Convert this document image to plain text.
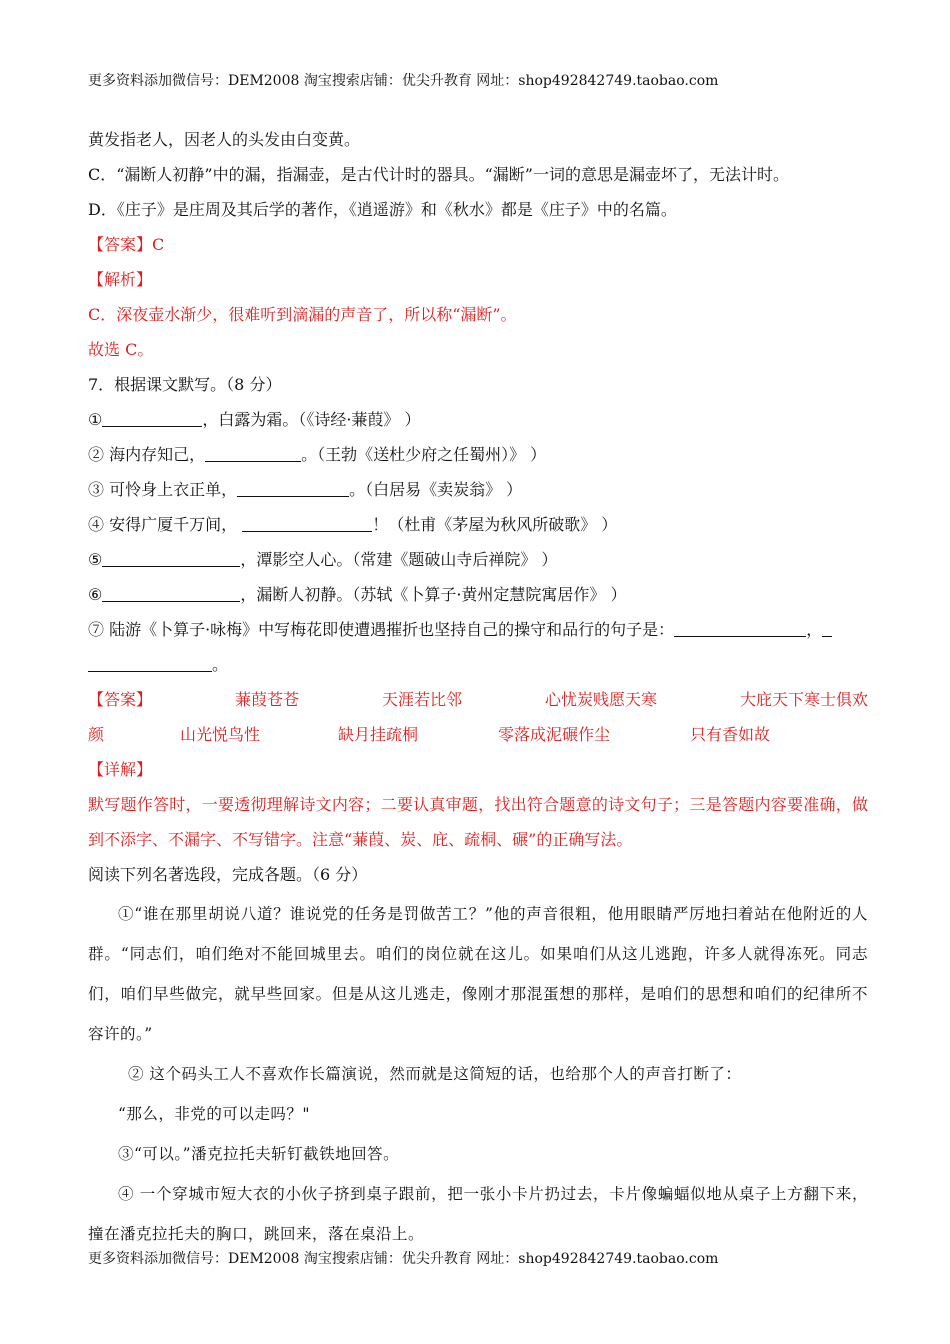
更多资料添加微信号：DEM2008 淘宝搜索店铺：优尖升教育 网址：shop492842749.taobao.com
黄发指老人，因老人的头发由白变黄。
C．“漏断人初静”中的漏，指漏壶，是古代计时的器具。“漏断”一词的意思是漏壶坏了，无法计时。
D．《庄子》是庄周及其后学的著作，《逍遥游》和《秋水》都是《庄子》中的名篇。
【答案】C
【解析】
C．深夜壶水渐少，很难听到滴漏的声音了，所以称“漏断”。
故选 C。
7．根据课文默写。（8 分）
①	，白露为霜。（《诗经·蒹葭》 ）
② 海内存知己，	。（王勃《送杜少府之任蜀州）》 ）
③ 可怜身上衣正单，	。（白居易《卖炭翁》 ）
④ 安得广厦千万间，	！（杜甫《茅屋为秋风所破歌》 ）
⑤	，潭影空人心。（常建《题破山寺后禅院》 ）
⑥	，漏断人初静。（苏轼《卜算子·黄州定慧院寓居作》 ）
⑦ 陆游《卜算子·咏梅》中写梅花即使遭遇摧折也坚持自己的操守和品行的句子是：	，
。
【答案】	蒹葭苍苍	天涯若比邻	心忧炭贱愿天寒	大庇天下寒士俱欢
颜	山光悦鸟性	缺月挂疏桐	零落成泥碾作尘	只有香如故
【详解】
默写题作答时，一要透彻理解诗文内容；二要认真审题，找出符合题意的诗文句子；三是答题内容要准确，做到不添字、不漏字、不写错字。注意“蒹葭、炭、庇、疏桐、碾”的正确写法。
阅读下列名著选段，完成各题。（6 分）
①“谁在那里胡说八道？谁说党的任务是罚做苦工？”他的声音很粗，他用眼睛严厉地扫着站在他附近的人群。“同志们，咱们绝对不能回城里去。咱们的岗位就在这儿。如果咱们从这儿逃跑，许多人就得冻死。同志们，咱们早些做完，就早些回家。但是从这儿逃走，像刚才那混蛋想的那样，是咱们的思想和咱们的纪律所不容许的。”
② 这个码头工人不喜欢作长篇演说，然而就是这简短的话，也给那个人的声音打断了：
“那么，非党的可以走吗？"
③“可以。”潘克拉托夫斩钉截铁地回答。
④ 一个穿城市短大衣的小伙子挤到桌子跟前，把一张小卡片扔过去，卡片像蝙蝠似地从桌子上方翻下来，撞在潘克拉托夫的胸口，跳回来，落在桌沿上。
更多资料添加微信号：DEM2008 淘宝搜索店铺：优尖升教育 网址：shop492842749.taobao.com
